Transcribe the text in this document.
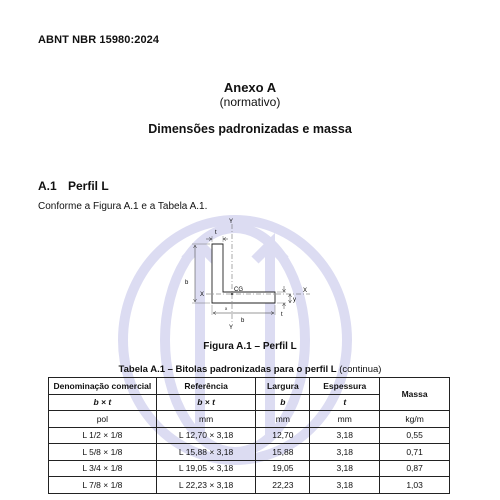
ABNT NBR 15980:2024
Anexo A
(normativo)
Dimensões padronizadas e massa
A.1 Perfil L
Conforme a Figura A.1 e a Tabela A.1.
Y
Y
X
X
CG
b
b
t
t
y
x
Figura A.1 – Perfil L
Tabela A.1 – Bitolas padronizadas para o perfil L (continua)
Denominação comercial	Referência	Largura	Espessura	Massa
b × t	b × t	b	t	
pol	mm	mm	mm	kg/m
L 1/2 × 1/8	L 12,70 × 3,18	12,70	3,18	0,55
L 5/8 × 1/8	L 15,88 × 3,18	15,88	3,18	0,71
L 3/4 × 1/8	L 19,05 × 3,18	19,05	3,18	0,87
L 7/8 × 1/8	L 22,23 × 3,18	22,23	3,18	1,03
